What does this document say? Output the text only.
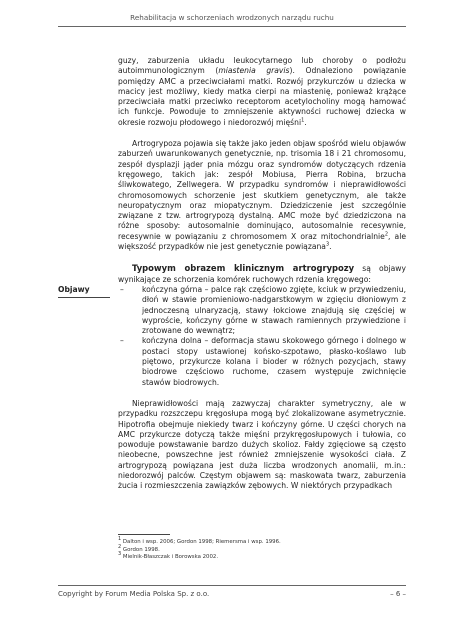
Rehabilitacja w schorzeniach wrodzonych narządu ruchu

guzy, zaburzenia układu leukocytarnego lub choroby o podłożu autoimmunologicznym (miastenia gravis). Odnaleziono powiązanie pomiędzy AMC a przeciwciałami matki. Rozwój przykurczów u dziecka w macicy jest możliwy, kiedy matka cierpi na miastenię, ponieważ krążące przeciwciała matki przeciwko receptorom acetylocholiny mogą hamować ich funkcje. Powoduje to zmniejszenie aktywności ruchowej dziecka w okresie rozwoju płodowego i niedorozwój mięśni$^1$.

Artrogrypoza pojawia się także jako jeden objaw spośród wielu objawów zaburzeń uwarunkowanych genetycznie, np. trisomia 18 i 21 chromosomu, zespół dysplazji jąder pnia mózgu oraz syndromów dotyczących rdzenia kręgowego, takich jak: zespół Mobiusa, Pierra Robina, brzucha śliwkowatego, Zellwegera. W przypadku syndromów i nieprawidłowości chromosomowych schorzenie jest skutkiem genetycznym, ale także neuropatycznym oraz miopatycznym. Dziedziczenie jest szczególnie związane z tzw. artrogrypozą dystalną. AMC może być dziedziczona na różne sposoby: autosomalnie dominująco, autosomalnie recesywnie, recesywnie w powiązaniu z chromosomem X oraz mitochondrialnie$^2$, ale większość przypadków nie jest genetycznie powiązana$^3$.

Typowym obrazem klinicznym artrogrypozy są objawy wynikające ze schorzenia komórek ruchowych rdzenia kręgowego:

–	kończyna górna – palce rąk częściowo zgięte, kciuk w przywiedzeniu, dłoń w stawie promieniowo-nadgarstkowym w zgięciu dłoniowym z jednoczesną ulnaryzacją, stawy łokciowe znajdują się częściej w wyproście, kończyny górne w stawach ramiennych przywiedzione i zrotowane do wewnątrz;
–	kończyna dolna – deformacja stawu skokowego górnego i dolnego w postaci stopy ustawionej końsko-szpotawo, płasko-koślawo lub piętowo, przykurcze kolana i bioder w różnych pozycjach, stawy biodrowe częściowo ruchome, czasem występuje zwichnięcie stawów biodrowych.

Nieprawidłowości mają zazwyczaj charakter symetryczny, ale w przypadku rozszczepu kręgosłupa mogą być zlokalizowane asymetrycznie. Hipotrofia obejmuje niekiedy twarz i kończyny górne. U części chorych na AMC przykurcze dotyczą także mięśni przykręgosłupowych i tułowia, co powoduje powstawanie bardzo dużych skolioz. Fałdy zgięciowe są często nieobecne, powszechne jest również zmniejszenie wysokości ciała. Z artrogrypozą powiązana jest duża liczba wrodzonych anomalii, m.in.: niedorozwój palców. Częstym objawem są: maskowata twarz, zaburzenia żucia i rozmieszczenia zawiązków zębowych. W niektórych przypadkach

Objawy
$^1$ Dalton i wsp. 2006; Gordon 1998; Riemersma i wsp. 1996.
$^2$ Gordon 1998.
$^3$ Mielnik-Błaszczak i Borowska 2002.
Copyright by Forum Media Polska Sp. z o.o.	– 6 –
